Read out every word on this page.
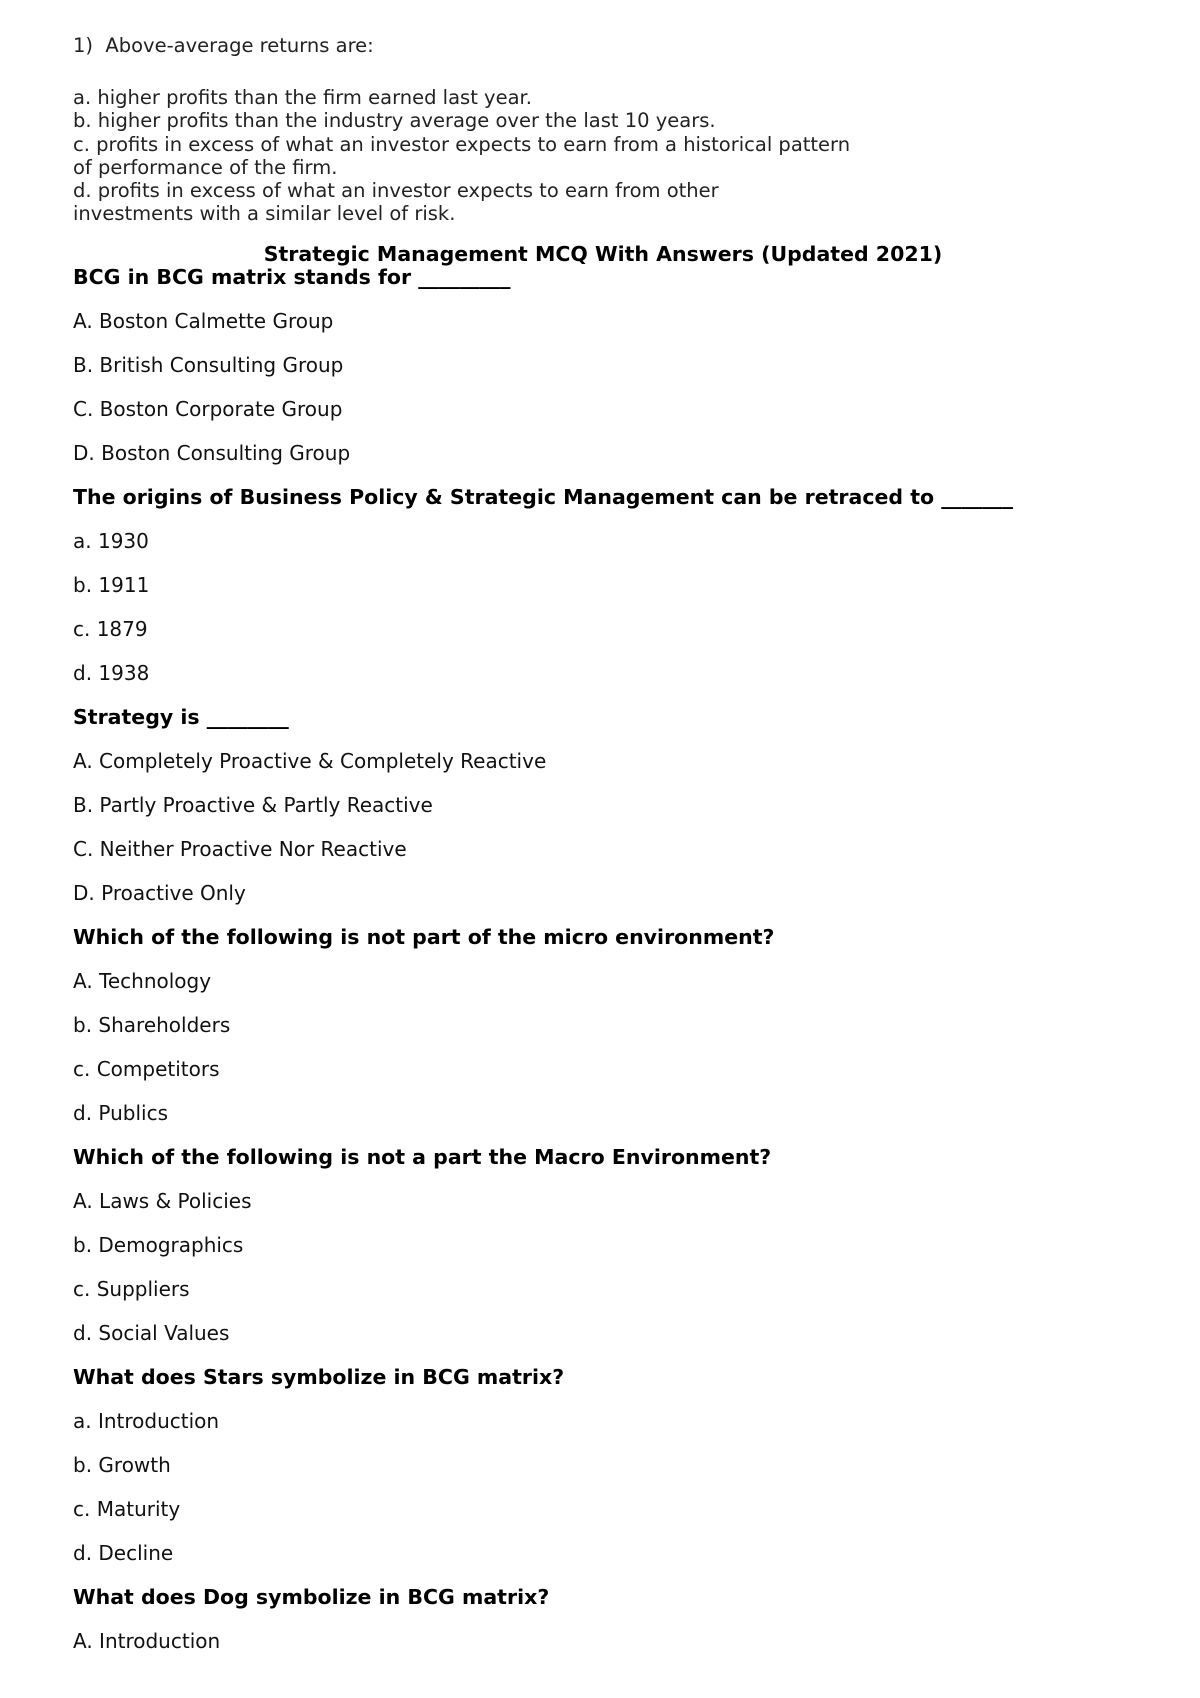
1)  Above-average returns are:
a. higher profits than the firm earned last year.
b. higher profits than the industry average over the last 10 years.
c. profits in excess of what an investor expects to earn from a historical pattern
of performance of the firm.
d. profits in excess of what an investor expects to earn from other
investments with a similar level of risk.
Strategic Management MCQ With Answers (Updated 2021)
BCG in BCG matrix stands for _________
A. Boston Calmette Group
B. British Consulting Group
C. Boston Corporate Group
D. Boston Consulting Group
The origins of Business Policy & Strategic Management can be retraced to _______
a. 1930
b. 1911
c. 1879
d. 1938
Strategy is ________
A. Completely Proactive & Completely Reactive
B. Partly Proactive & Partly Reactive
C. Neither Proactive Nor Reactive
D. Proactive Only
Which of the following is not part of the micro environment?
A. Technology
b. Shareholders
c. Competitors
d. Publics
Which of the following is not a part the Macro Environment?
A. Laws & Policies
b. Demographics
c. Suppliers
d. Social Values
What does Stars symbolize in BCG matrix?
a. Introduction
b. Growth
c. Maturity
d. Decline
What does Dog symbolize in BCG matrix?
A. Introduction
